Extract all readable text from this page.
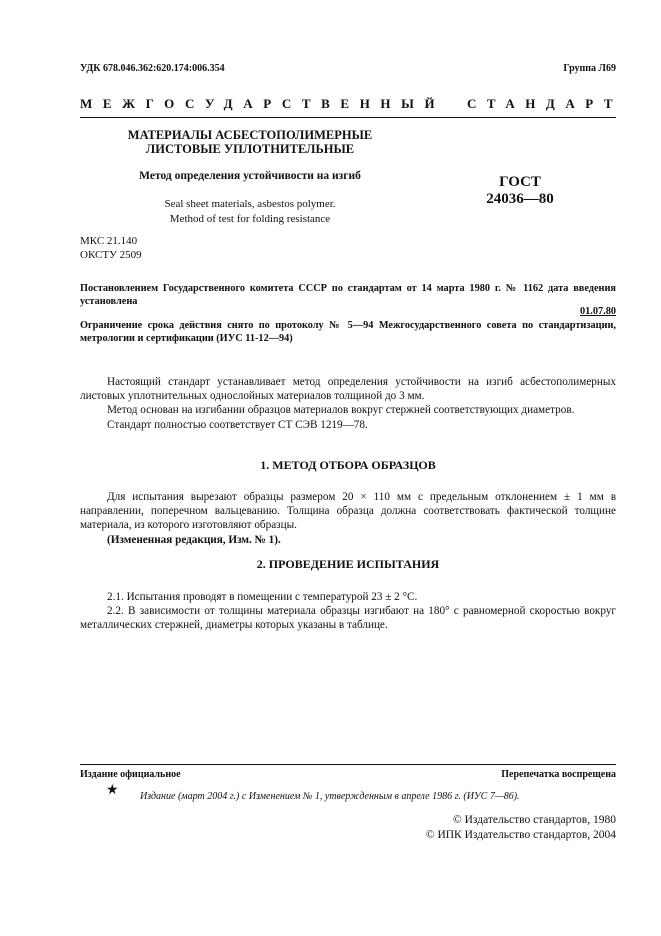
УДК 678.046.362:620.174:006.354	Группа Л69
МЕЖГОСУДАРСТВЕННЫЙ СТАНДАРТ
МАТЕРИАЛЫ АСБЕСТОПОЛИМЕРНЫЕ
ЛИСТОВЫЕ УПЛОТНИТЕЛЬНЫЕ
Метод определения устойчивости на изгиб
Seal sheet materials, asbestos polymer.
Method of test for folding resistance
ГОСТ
24036—80
МКС 21.140
ОКСТУ 2509
Постановлением Государственного комитета СССР по стандартам от 14 марта 1980 г. № 1162 дата введения установлена
01.07.80
Ограничение срока действия снято по протоколу № 5—94 Межгосударственного совета по стандартизации, метрологии и сертификации (ИУС 11-12—94)
Настоящий стандарт устанавливает метод определения устойчивости на изгиб асбестополимерных листовых уплотнительных однослойных материалов толщиной до 3 мм.
Метод основан на изгибании образцов материалов вокруг стержней соответствующих диаметров.
Стандарт полностью соответствует СТ СЭВ 1219—78.
1. МЕТОД ОТБОРА ОБРАЗЦОВ
Для испытания вырезают образцы размером 20 × 110 мм с предельным отклонением ± 1 мм в направлении, поперечном вальцеванию. Толщина образца должна соответствовать фактической толщине материала, из которого изготовляют образцы.
(Измененная редакция, Изм. № 1).
2. ПРОВЕДЕНИЕ ИСПЫТАНИЯ
2.1. Испытания проводят в помещении с температурой 23 ± 2 °С.
2.2. В зависимости от толщины материала образцы изгибают на 180° с равномерной скоростью вокруг металлических стержней, диаметры которых указаны в таблице.
Издание официальное	Перепечатка воспрещена
★ Издание (март 2004 г.) с Изменением № 1, утвержденным в апреле 1986 г. (ИУС 7—86).
© Издательство стандартов, 1980
© ИПК Издательство стандартов, 2004
